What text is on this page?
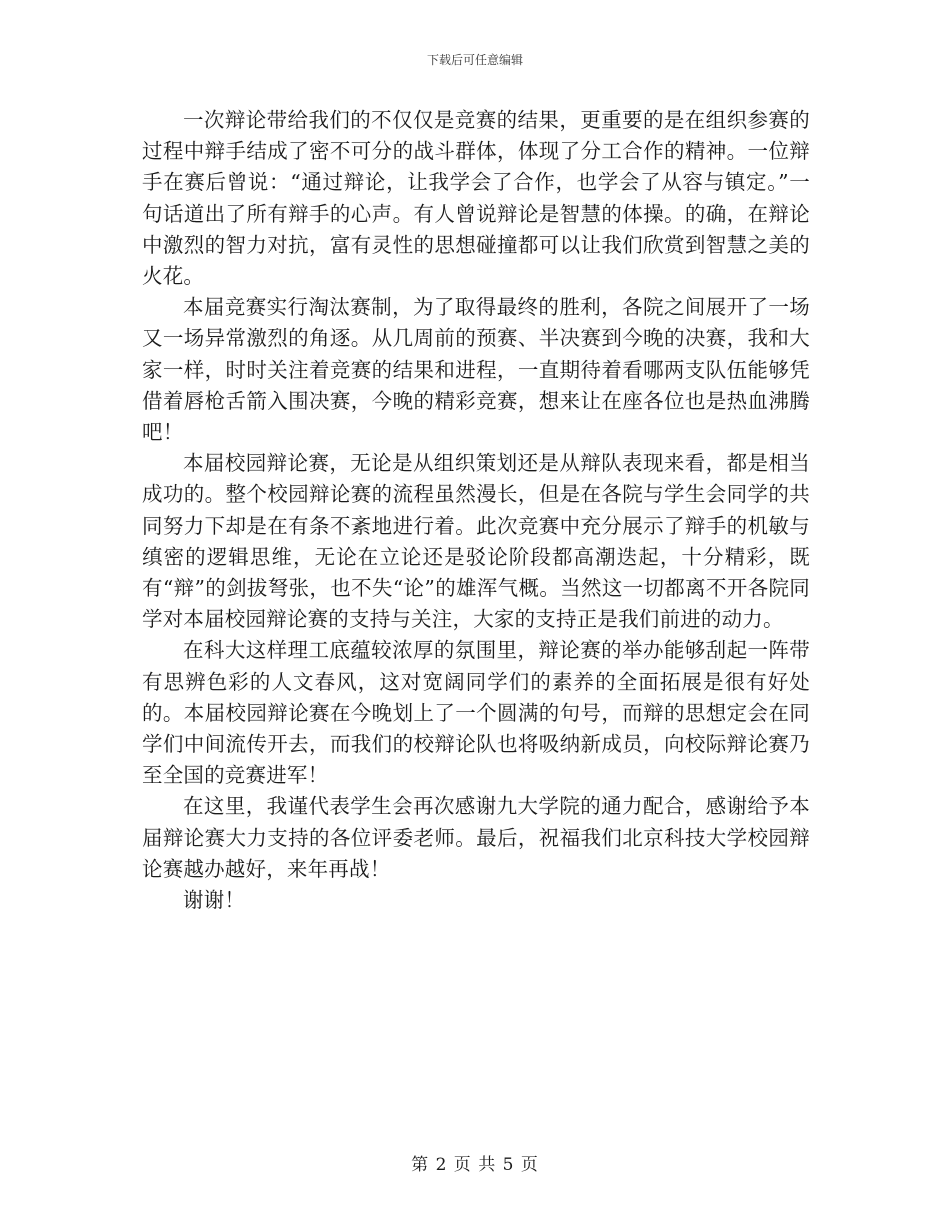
下载后可任意编辑

一次辩论带给我们的不仅仅是竞赛的结果，更重要的是在组织参赛的过程中辩手结成了密不可分的战斗群体，体现了分工合作的精神。一位辩手在赛后曾说：“通过辩论，让我学会了合作，也学会了从容与镇定。”一句话道出了所有辩手的心声。有人曾说辩论是智慧的体操。的确，在辩论中激烈的智力对抗，富有灵性的思想碰撞都可以让我们欣赏到智慧之美的火花。

本届竞赛实行淘汰赛制，为了取得最终的胜利，各院之间展开了一场又一场异常激烈的角逐。从几周前的预赛、半决赛到今晚的决赛，我和大家一样，时时关注着竞赛的结果和进程，一直期待着看哪两支队伍能够凭借着唇枪舌箭入围决赛，今晚的精彩竞赛，想来让在座各位也是热血沸腾吧！

本届校园辩论赛，无论是从组织策划还是从辩队表现来看，都是相当成功的。整个校园辩论赛的流程虽然漫长，但是在各院与学生会同学的共同努力下却是在有条不紊地进行着。此次竞赛中充分展示了辩手的机敏与缜密的逻辑思维，无论在立论还是驳论阶段都高潮迭起，十分精彩，既有“辩”的剑拔弩张，也不失“论”的雄浑气概。当然这一切都离不开各院同学对本届校园辩论赛的支持与关注，大家的支持正是我们前进的动力。

在科大这样理工底蕴较浓厚的氛围里，辩论赛的举办能够刮起一阵带有思辨色彩的人文春风，这对宽阔同学们的素养的全面拓展是很有好处的。本届校园辩论赛在今晚划上了一个圆满的句号，而辩的思想定会在同学们中间流传开去，而我们的校辩论队也将吸纳新成员，向校际辩论赛乃至全国的竞赛进军！

在这里，我谨代表学生会再次感谢九大学院的通力配合，感谢给予本届辩论赛大力支持的各位评委老师。最后，祝福我们北京科技大学校园辩论赛越办越好，来年再战！

谢谢！

第 2 页 共 5 页
